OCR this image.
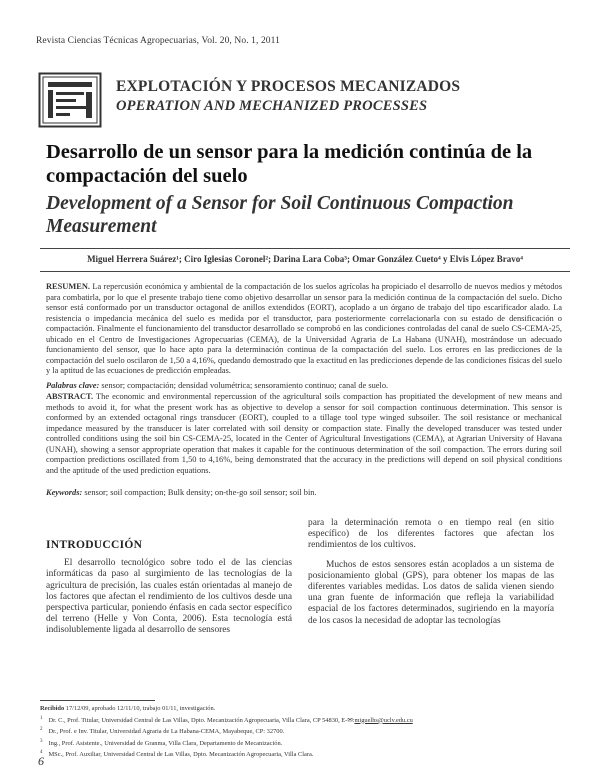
Revista Ciencias Técnicas Agropecuarias, Vol. 20, No. 1, 2011
EXPLOTACIÓN Y PROCESOS MECANIZADOS
OPERATION AND MECHANIZED PROCESSES
Desarrollo de un sensor para la medición continúa de la compactación del suelo
Development of a Sensor for Soil Continuous Compaction Measurement
Miguel Herrera Suárez¹; Ciro Iglesias Coronel²; Darina Lara Coba³; Omar González Cueto⁴ y Elvis López Bravo⁴
RESUMEN. La repercusión económica y ambiental de la compactación de los suelos agrícolas ha propiciado el desarrollo de nuevos medios y métodos para combatirla, por lo que el presente trabajo tiene como objetivo desarrollar un sensor para la medición continua de la compactación del suelo. Dicho sensor está conformado por un transductor octagonal de anillos extendidos (EORT), acoplado a un órgano de trabajo del tipo escarificador alado. La resistencia o impedancia mecánica del suelo es medida por el transductor, para posteriormente correlacionarla con su estado de densificación o compactación. Finalmente el funcionamiento del transductor desarrollado se comprobó en las condiciones controladas del canal de suelo CS-CEMA-25, ubicado en el Centro de Investigaciones Agropecuarias (CEMA), de la Universidad Agraria de La Habana (UNAH), mostrándose un adecuado funcionamiento del sensor, que lo hace apto para la determinación continua de la compactación del suelo. Los errores en las predicciones de la compactación del suelo oscilaron de 1,50 a 4,16%, quedando demostrado que la exactitud en las predicciones depende de las condiciones físicas del suelo y la aptitud de las ecuaciones de predicción empleadas.
Palabras clave: sensor; compactación; densidad volumétrica; sensoramiento continuo; canal de suelo.
ABSTRACT. The economic and environmental repercussion of the agricultural soils compaction has propitiated the development of new means and methods to avoid it, for what the present work has as objective to develop a sensor for soil compaction continuous determination. This sensor is conformed by an extended octagonal rings transducer (EORT), coupled to a tillage tool type winged subsoiler. The soil resistance or mechanical impedance measured by the transducer is later correlated with soil density or compaction state. Finally the developed transducer was tested under controlled conditions using the soil bin CS-CEMA-25, located in the Center of Agricultural Investigations (CEMA), at Agrarian University of Havana (UNAH), showing a sensor appropriate operation that makes it capable for the continuous determination of the soil compaction. The errors during soil compaction predictions oscillated from 1,50 to 4,16%, being demonstrated that the accuracy in the predictions will depend on soil physical conditions and the aptitude of the used prediction equations.
Keywords: sensor; soil compaction; Bulk density; on-the-go soil sensor; soil bin.
INTRODUCCIÓN

El desarrollo tecnológico sobre todo el de las ciencias informáticas da paso al surgimiento de las tecnologías de la agricultura de precisión, las cuales están orientadas al manejo de los factores que afectan el rendimiento de los cultivos desde una perspectiva particular, poniendo énfasis en cada sector específico del terreno (Helle y Von Conta, 2006). Esta tecnología está indisolublemente ligada al desarrollo de sensores

para la determinación remota o en tiempo real (en sitio específico) de los diferentes factores que afectan los rendimientos de los cultivos.

Muchos de estos sensores están acoplados a un sistema de posicionamiento global (GPS), para obtener los mapas de las diferentes variables medidas. Los datos de salida vienen siendo una gran fuente de información que refleja la variabilidad espacial de los factores determinados, sugiriendo en la mayoría de los casos la necesidad de adoptar las tecnologías

Recibido 17/12/09, aprobado 12/11/10, trabajo 01/11, investigación.
$^1$ Dr. C., Prof. Titular, Universidad Central de Las Villas, Dpto. Mecanización Agropecuaria, Villa Clara, CP 54830, E-✉:miguelhs@uclv.edu.cu
$^2$ Dr., Prof. e Inv. Titular, Universidad Agraria de La Habana-CEMA, Mayabeque, CP: 32700.
$^3$ Ing., Prof. Asistente., Universidad de Granma, Villa Clara, Departamento de Mecanización.
$^4$ MSc., Prof. Auxiliar, Universidad Central de Las Villas, Dpto. Mecanización Agropecuaria, Villa Clara.
6
